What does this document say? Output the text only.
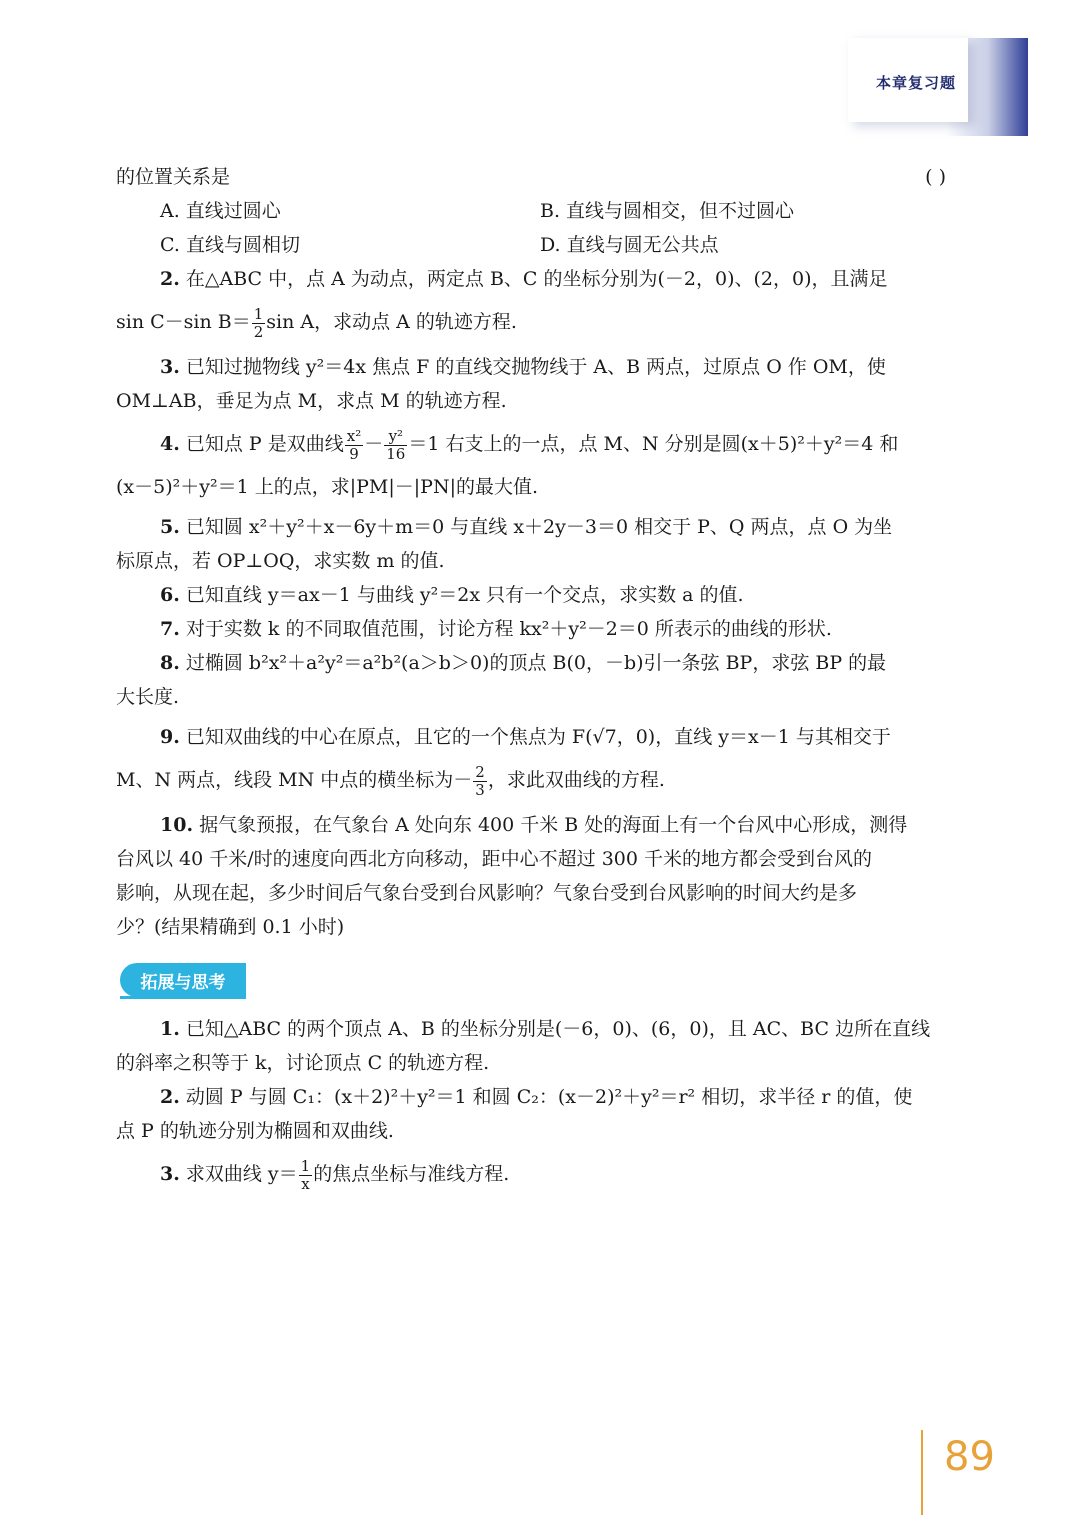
本章复习题
的位置关系是	( )
A. 直线过圆心	B. 直线与圆相交，但不过圆心
C. 直线与圆相切	D. 直线与圆无公共点
2. 在△ABC 中，点 A 为动点，两定点 B、C 的坐标分别为(－2，0)、(2，0)，且满足
sin C－sin $B= \frac{1}{2}$ sin A，求动点 A 的轨迹方程.
3. 已知过抛物线 y²＝4x 焦点 F 的直线交抛物线于 A、B 两点，过原点 O 作 OM，使
OM⊥AB，垂足为点 M，求点 M 的轨迹方程.
4. 已知点 P 是双曲线 $\frac{\text{x²}}{9} - \frac{\text{y²}}{16} =1$ 右支上的一点，点 M、N 分别是圆(x＋5)²＋y²＝4 和
(x－5)²＋y²＝1 上的点，求|PM|－|PN|的最大值.
5. 已知圆 x²＋y²＋x－6y＋m＝0 与直线 x＋2y－3＝0 相交于 P、Q 两点，点 O 为坐
标原点，若 OP⊥OQ，求实数 m 的值.
6. 已知直线 y＝ax－1 与曲线 y²＝2x 只有一个交点，求实数 a 的值.
7. 对于实数 k 的不同取值范围，讨论方程 kx²＋y²－2＝0 所表示的曲线的形状.
8. 过椭圆 b²x²＋a²y²＝a²b²(a＞b＞0)的顶点 B(0，－b)引一条弦 BP，求弦 BP 的最
大长度.
9. 已知双曲线的中心在原点，且它的一个焦点为 F(√7，0)，直线 y＝x－1 与其相交于
M、N 两点，线段 MN 中点的横坐标为－ $\frac{2}{3}$ ，求此双曲线的方程.
10. 据气象预报，在气象台 A 处向东 400 千米 B 处的海面上有一个台风中心形成，测得
台风以 40 千米/时的速度向西北方向移动，距中心不超过 300 千米的地方都会受到台风的
影响，从现在起，多少时间后气象台受到台风影响？气象台受到台风影响的时间大约是多
少？(结果精确到 0.1 小时)
拓展与思考
1. 已知△ABC 的两个顶点 A、B 的坐标分别是(－6，0)、(6，0)，且 AC、BC 边所在直线
的斜率之积等于 k，讨论顶点 C 的轨迹方程.
2. 动圆 P 与圆 C₁：(x＋2)²＋y²＝1 和圆 C₂：(x－2)²＋y²＝r² 相切，求半径 r 的值，使
点 P 的轨迹分别为椭圆和双曲线.
3. 求双曲线 $y= \frac{1}{x}$ 的焦点坐标与准线方程.
89
